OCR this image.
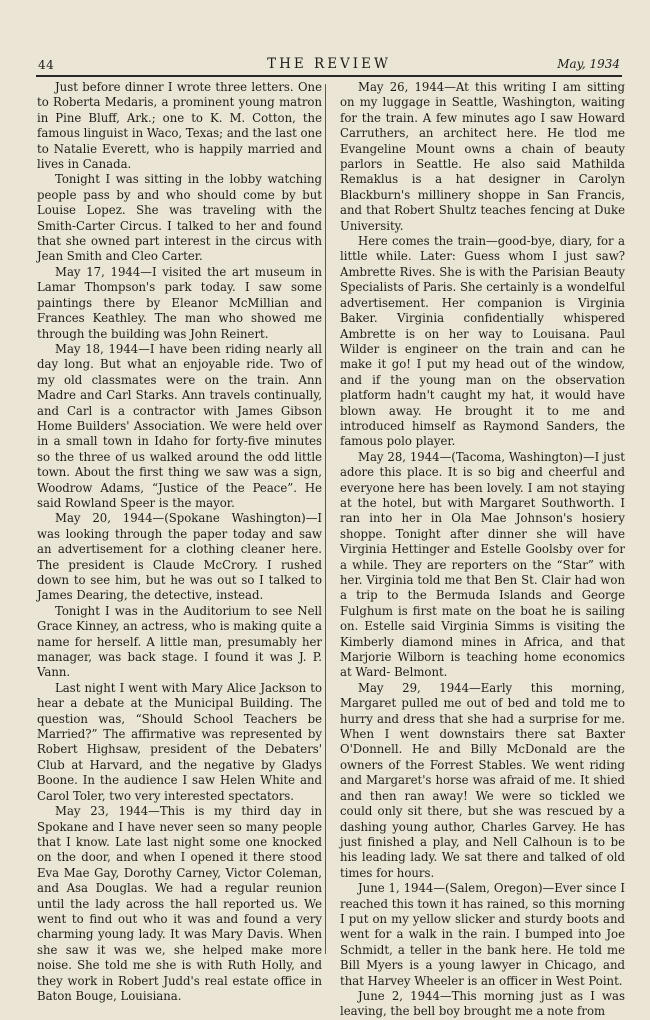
44	THE REVIEW	May, 1934

Just before dinner I wrote three letters. One to Roberta Medaris, a prominent young matron in Pine Bluff, Ark.; one to K. M. Cotton, the famous linguist in Waco, Texas; and the last one to Natalie Everett, who is happily married and lives in Canada.

Tonight I was sitting in the lobby watching people pass by and who should come by but Louise Lopez. She was traveling with the Smith-Carter Circus. I talked to her and found that she owned part interest in the circus with Jean Smith and Cleo Carter.

May 17, 1944—I visited the art museum in Lamar Thompson's park today. I saw some paintings there by Eleanor McMillian and Frances Keathley. The man who showed me through the building was John Reinert.

May 18, 1944—I have been riding nearly all day long. But what an enjoyable ride. Two of my old classmates were on the train. Ann Madre and Carl Starks. Ann travels continually, and Carl is a contractor with James Gibson Home Builders' Association. We were held over in a small town in Idaho for forty-five minutes so the three of us walked around the odd little town. About the first thing we saw was a sign, Woodrow Adams, “Justice of the Peace”. He said Rowland Speer is the mayor.

May 20, 1944—(Spokane Washington)—I was looking through the paper today and saw an advertisement for a clothing cleaner here. The president is Claude McCrory. I rushed down to see him, but he was out so I talked to James Dearing, the detective, instead.

Tonight I was in the Auditorium to see Nell Grace Kinney, an actress, who is making quite a name for herself. A little man, presumably her manager, was back stage. I found it was J. P. Vann.

Last night I went with Mary Alice Jackson to hear a debate at the Municipal Building. The question was, “Should School Teachers be Married?” The affirmative was represented by Robert Highsaw, president of the Debaters' Club at Harvard, and the negative by Gladys Boone. In the audience I saw Helen White and Carol Toler, two very interested spectators.

May 23, 1944—This is my third day in Spokane and I have never seen so many people that I know. Late last night some one knocked on the door, and when I opened it there stood Eva Mae Gay, Dorothy Carney, Victor Coleman, and Asa Douglas. We had a regular reunion until the lady across the hall reported us. We went to find out who it was and found a very charming young lady. It was Mary Davis. When she saw it was we, she helped make more noise. She told me she is with Ruth Holly, and they work in Robert Judd's real estate office in Baton Bouge, Louisiana.

May 26, 1944—At this writing I am sitting on my luggage in Seattle, Washington, waiting for the train. A few minutes ago I saw Howard Carruthers, an architect here. He tlod me Evangeline Mount owns a chain of beauty parlors in Seattle. He also said Mathilda Remaklus is a hat designer in Carolyn Blackburn's millinery shoppe in San Francis, and that Robert Shultz teaches fencing at Duke University.

Here comes the train—good-bye, diary, for a little while. Later: Guess whom I just saw? Ambrette Rives. She is with the Parisian Beauty Specialists of Paris. She certainly is a wondelful advertisement. Her companion is Virginia Baker. Virginia confidentially whispered Ambrette is on her way to Louisana. Paul Wilder is engineer on the train and can he make it go! I put my head out of the window, and if the young man on the observation platform hadn't caught my hat, it would have blown away. He brought it to me and introduced himself as Raymond Sanders, the famous polo player.

May 28, 1944—(Tacoma, Washington)—I just adore this place. It is so big and cheerful and everyone here has been lovely. I am not staying at the hotel, but with Margaret Southworth. I ran into her in Ola Mae Johnson's hosiery shoppe. Tonight after dinner she will have Virginia Hettinger and Estelle Goolsby over for a while. They are reporters on the “Star” with her. Virginia told me that Ben St. Clair had won a trip to the Bermuda Islands and George Fulghum is first mate on the boat he is sailing on. Estelle said Virginia Simms is visiting the Kimberly diamond mines in Africa, and that Marjorie Wilborn is teaching home economics at Ward- Belmont.

May 29, 1944—Early this morning, Margaret pulled me out of bed and told me to hurry and dress that she had a surprise for me. When I went downstairs there sat Baxter O'Donnell. He and Billy McDonald are the owners of the Forrest Stables. We went riding and Margaret's horse was afraid of me. It shied and then ran away! We were so tickled we could only sit there, but she was rescued by a dashing young author, Charles Garvey. He has just finished a play, and Nell Calhoun is to be his leading lady. We sat there and talked of old times for hours.

June 1, 1944—(Salem, Oregon)—Ever since I reached this town it has rained, so this morning I put on my yellow slicker and sturdy boots and went for a walk in the rain. I bumped into Joe Schmidt, a teller in the bank here. He told me Bill Myers is a young lawyer in Chicago, and that Harvey Wheeler is an officer in West Point.

June 2, 1944—This morning just as I was leaving, the bell boy brought me a note from
